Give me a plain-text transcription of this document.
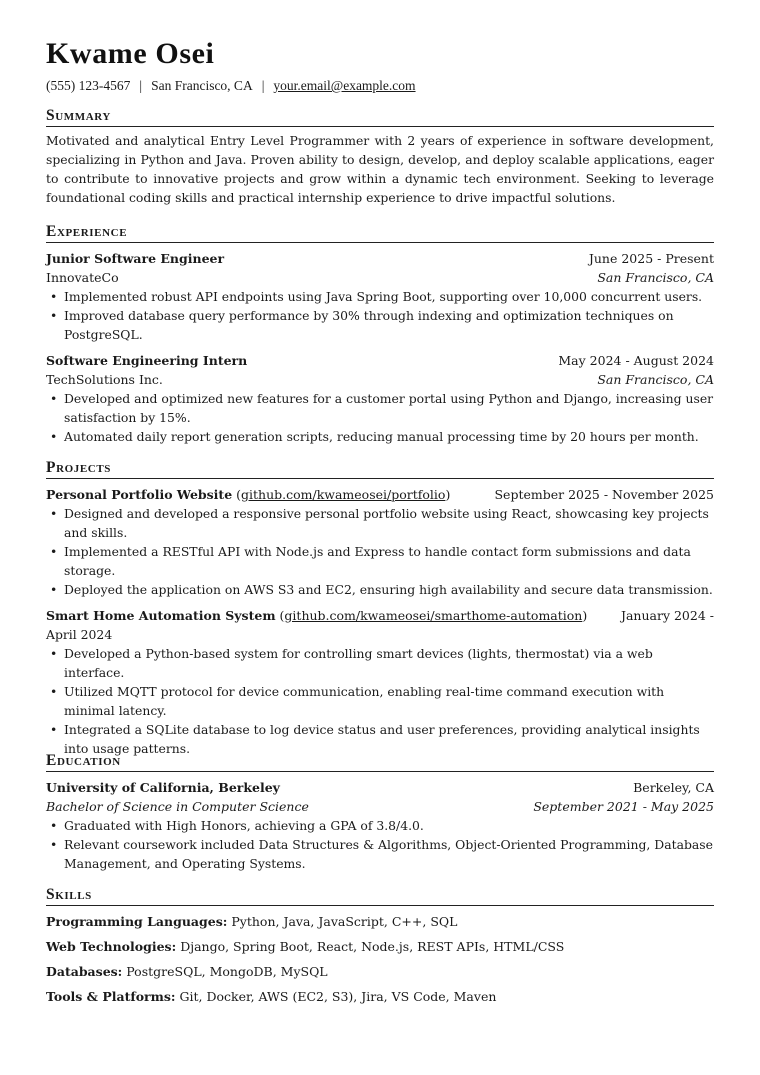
Kwame Osei
(555) 123-4567 | San Francisco, CA | your.email@example.com
Summary
Motivated and analytical Entry Level Programmer with 2 years of experience in software development, specializing in Python and Java. Proven ability to design, develop, and deploy scalable applications, eager to contribute to innovative projects and grow within a dynamic tech environment. Seeking to leverage foundational coding skills and practical internship experience to drive impactful solutions.
Experience
Junior Software Engineer	June 2025 - Present
InnovateCo	San Francisco, CA
• Implemented robust API endpoints using Java Spring Boot, supporting over 10,000 concurrent users.
• Improved database query performance by 30% through indexing and optimization techniques on PostgreSQL.
Software Engineering Intern	May 2024 - August 2024
TechSolutions Inc.	San Francisco, CA
• Developed and optimized new features for a customer portal using Python and Django, increasing user satisfaction by 15%.
• Automated daily report generation scripts, reducing manual processing time by 20 hours per month.
Projects
Personal Portfolio Website (github.com/kwameosei/portfolio)	September 2025 - November 2025
• Designed and developed a responsive personal portfolio website using React, showcasing key projects and skills.
• Implemented a RESTful API with Node.js and Express to handle contact form submissions and data storage.
• Deployed the application on AWS S3 and EC2, ensuring high availability and secure data transmission.
Smart Home Automation System (github.com/kwameosei/smarthome-automation)	January 2024 -
April 2024
• Developed a Python-based system for controlling smart devices (lights, thermostat) via a web interface.
• Utilized MQTT protocol for device communication, enabling real-time command execution with minimal latency.
• Integrated a SQLite database to log device status and user preferences, providing analytical insights into usage patterns.
Education
University of California, Berkeley	Berkeley, CA
Bachelor of Science in Computer Science	September 2021 - May 2025
• Graduated with High Honors, achieving a GPA of 3.8/4.0.
• Relevant coursework included Data Structures & Algorithms, Object-Oriented Programming, Database Management, and Operating Systems.
Skills
Programming Languages: Python, Java, JavaScript, C++, SQL
Web Technologies: Django, Spring Boot, React, Node.js, REST APIs, HTML/CSS
Databases: PostgreSQL, MongoDB, MySQL
Tools & Platforms: Git, Docker, AWS (EC2, S3), Jira, VS Code, Maven
